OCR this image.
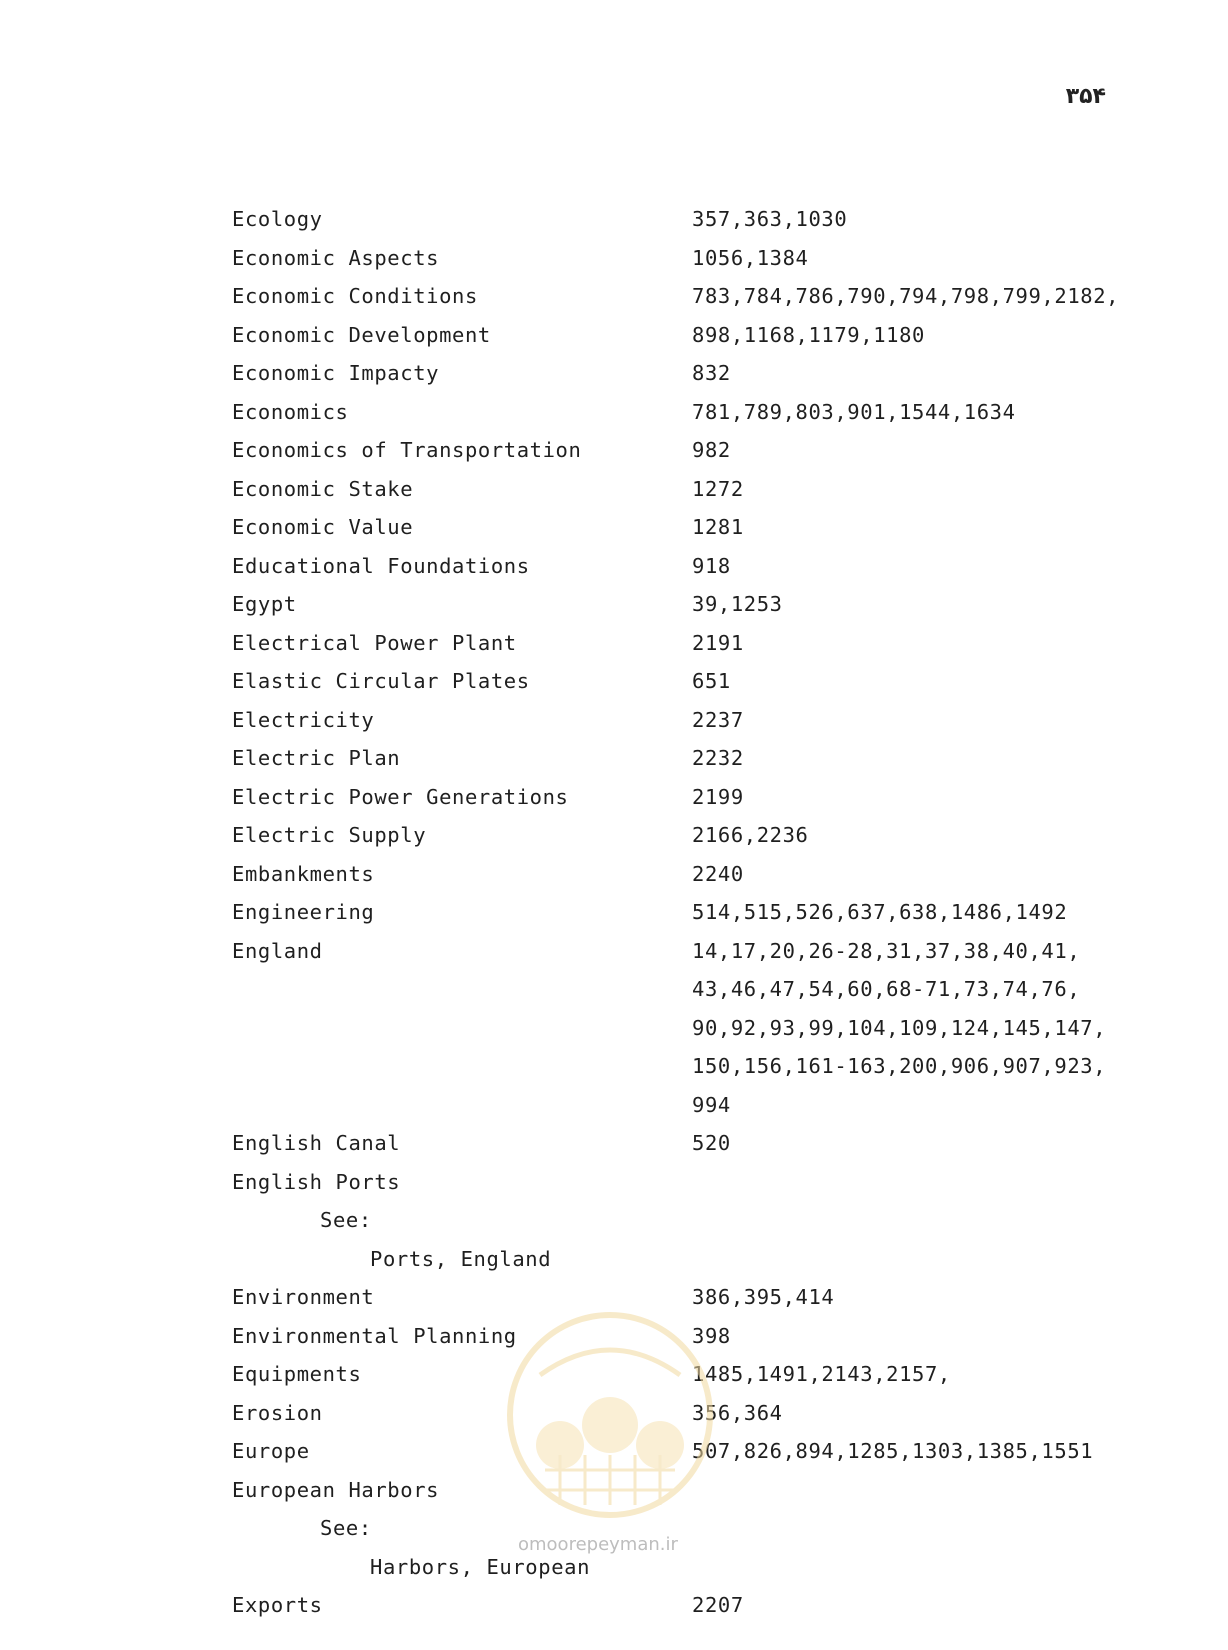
۳۵۴
Ecology	357,363,1030
Economic Aspects	1056,1384
Economic Conditions	783,784,786,790,794,798,799,2182,
Economic Development	898,1168,1179,1180
Economic Impacty	832
Economics	781,789,803,901,1544,1634
Economics of Transportation	982
Economic Stake	1272
Economic Value	1281
Educational Foundations	918
Egypt	39,1253
Electrical Power Plant	2191
Elastic Circular Plates	651
Electricity	2237
Electric Plan	2232
Electric Power Generations	2199
Electric Supply	2166,2236
Embankments	2240
Engineering	514,515,526,637,638,1486,1492
England	14,17,20,26-28,31,37,38,40,41,
43,46,47,54,60,68-71,73,74,76,
90,92,93,99,104,109,124,145,147,
150,156,161-163,200,906,907,923,
994
English Canal	520
English Ports
See:
Ports, England
Environment	386,395,414
Environmental Planning	398
Equipments	1485,1491,2143,2157,
Erosion	356,364
Europe	507,826,894,1285,1303,1385,1551
European Harbors
See:
Harbors, European
Exports	2207
omoorepeyman.ir
